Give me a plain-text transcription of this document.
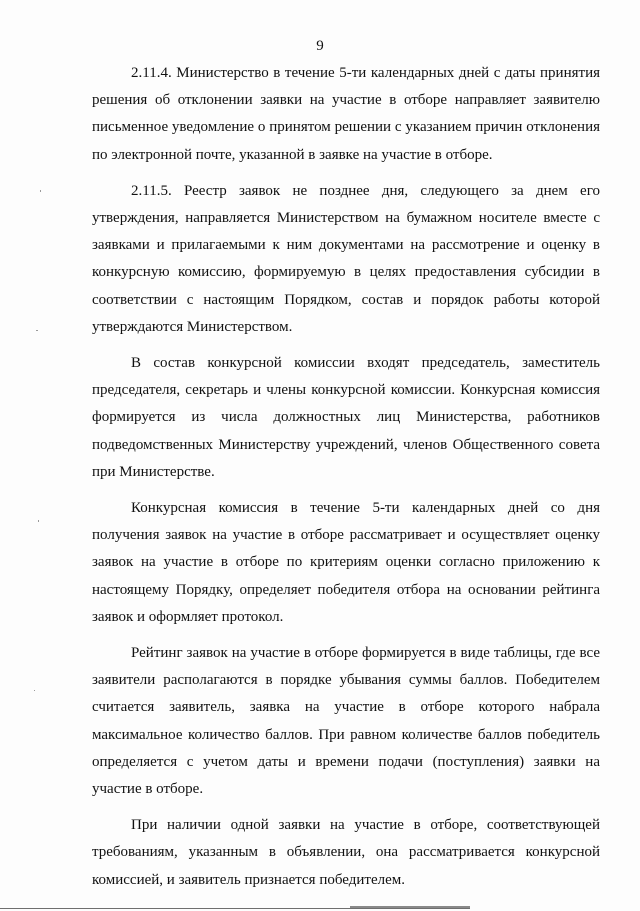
9

2.11.4. Министерство в течение 5-ти календарных дней с даты принятия решения об отклонении заявки на участие в отборе направляет заявителю письменное уведомление о принятом решении с указанием причин отклонения по электронной почте, указанной в заявке на участие в отборе.

2.11.5. Реестр заявок не позднее дня, следующего за днем его утверждения, направляется Министерством на бумажном носителе вместе с заявками и прилагаемыми к ним документами на рассмотрение и оценку в конкурсную комиссию, формируемую в целях предоставления субсидии в соответствии с настоящим Порядком, состав и порядок работы которой утверждаются Министерством.

В состав конкурсной комиссии входят председатель, заместитель председателя, секретарь и члены конкурсной комиссии. Конкурсная комиссия формируется из числа должностных лиц Министерства, работников подведомственных Министерству учреждений, членов Общественного совета при Министерстве.

Конкурсная комиссия в течение 5-ти календарных дней со дня получения заявок на участие в отборе рассматривает и осуществляет оценку заявок на участие в отборе по критериям оценки согласно приложению к настоящему Порядку, определяет победителя отбора на основании рейтинга заявок и оформляет протокол.

Рейтинг заявок на участие в отборе формируется в виде таблицы, где все заявители располагаются в порядке убывания суммы баллов. Победителем считается заявитель, заявка на участие в отборе которого набрала максимальное количество баллов. При равном количестве баллов победитель определяется с учетом даты и времени подачи (поступления) заявки на участие в отборе.

При наличии одной заявки на участие в отборе, соответствующей требованиям, указанным в объявлении, она рассматривается конкурсной комиссией, и заявитель признается победителем.
